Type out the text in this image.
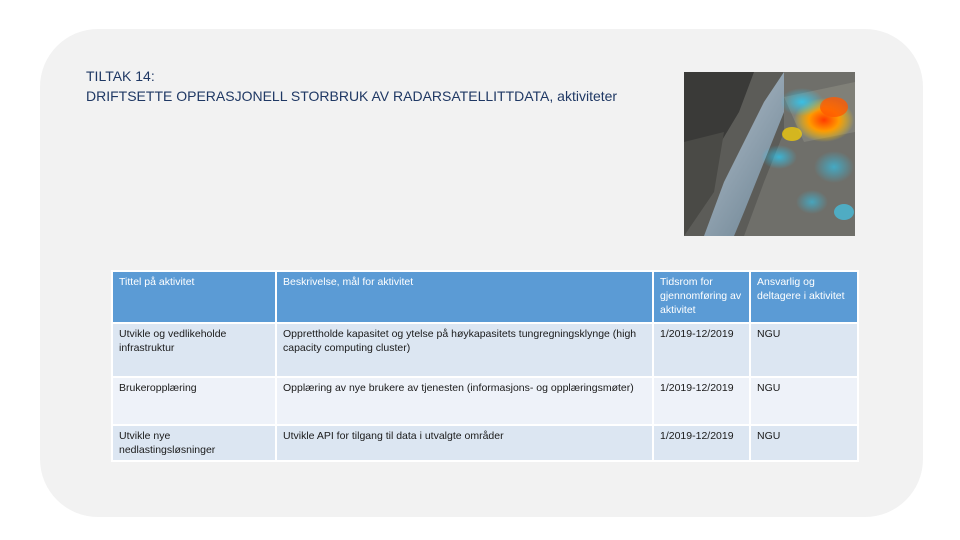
TILTAK 14:
DRIFTSETTE OPERASJONELL STORBRUK AV RADARSATELLITTDATA, aktiviteter
Tittel på aktivitet	Beskrivelse, mål for aktivitet	Tidsrom for gjennomføring av aktivitet	Ansvarlig og deltagere i aktivitet
Utvikle og vedlikeholde infrastruktur	Opprettholde kapasitet og ytelse på høykapasitets tungregningsklynge (high capacity computing cluster)	1/2019-12/2019	NGU
Brukeropplæring	Opplæring av nye brukere av tjenesten (informasjons- og opplæringsmøter)	1/2019-12/2019	NGU
Utvikle nye nedlastingsløsninger	Utvikle API for tilgang til data i utvalgte områder	1/2019-12/2019	NGU
